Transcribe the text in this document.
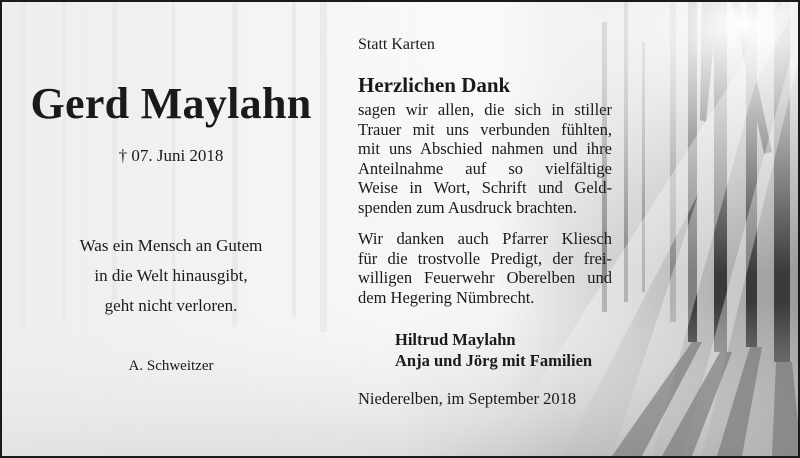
Gerd Maylahn
† 07. Juni 2018
Was ein Mensch an Gutem
in die Welt hinausgibt,
geht nicht verloren.
A. Schweitzer
Statt Karten
Herzlichen Dank
sagen wir allen, die sich in stiller
Trauer mit uns verbunden fühlten,
mit uns Abschied nahmen und ihre
Anteilnahme auf so vielfältige
Weise in Wort, Schrift und Geld-
spenden zum Ausdruck brachten.
Wir danken auch Pfarrer Kliesch
für die trostvolle Predigt, der frei-
willigen Feuerwehr Oberelben und
dem Hegering Nümbrecht.
Hiltrud Maylahn
Anja und Jörg mit Familien
Niederelben, im September 2018
